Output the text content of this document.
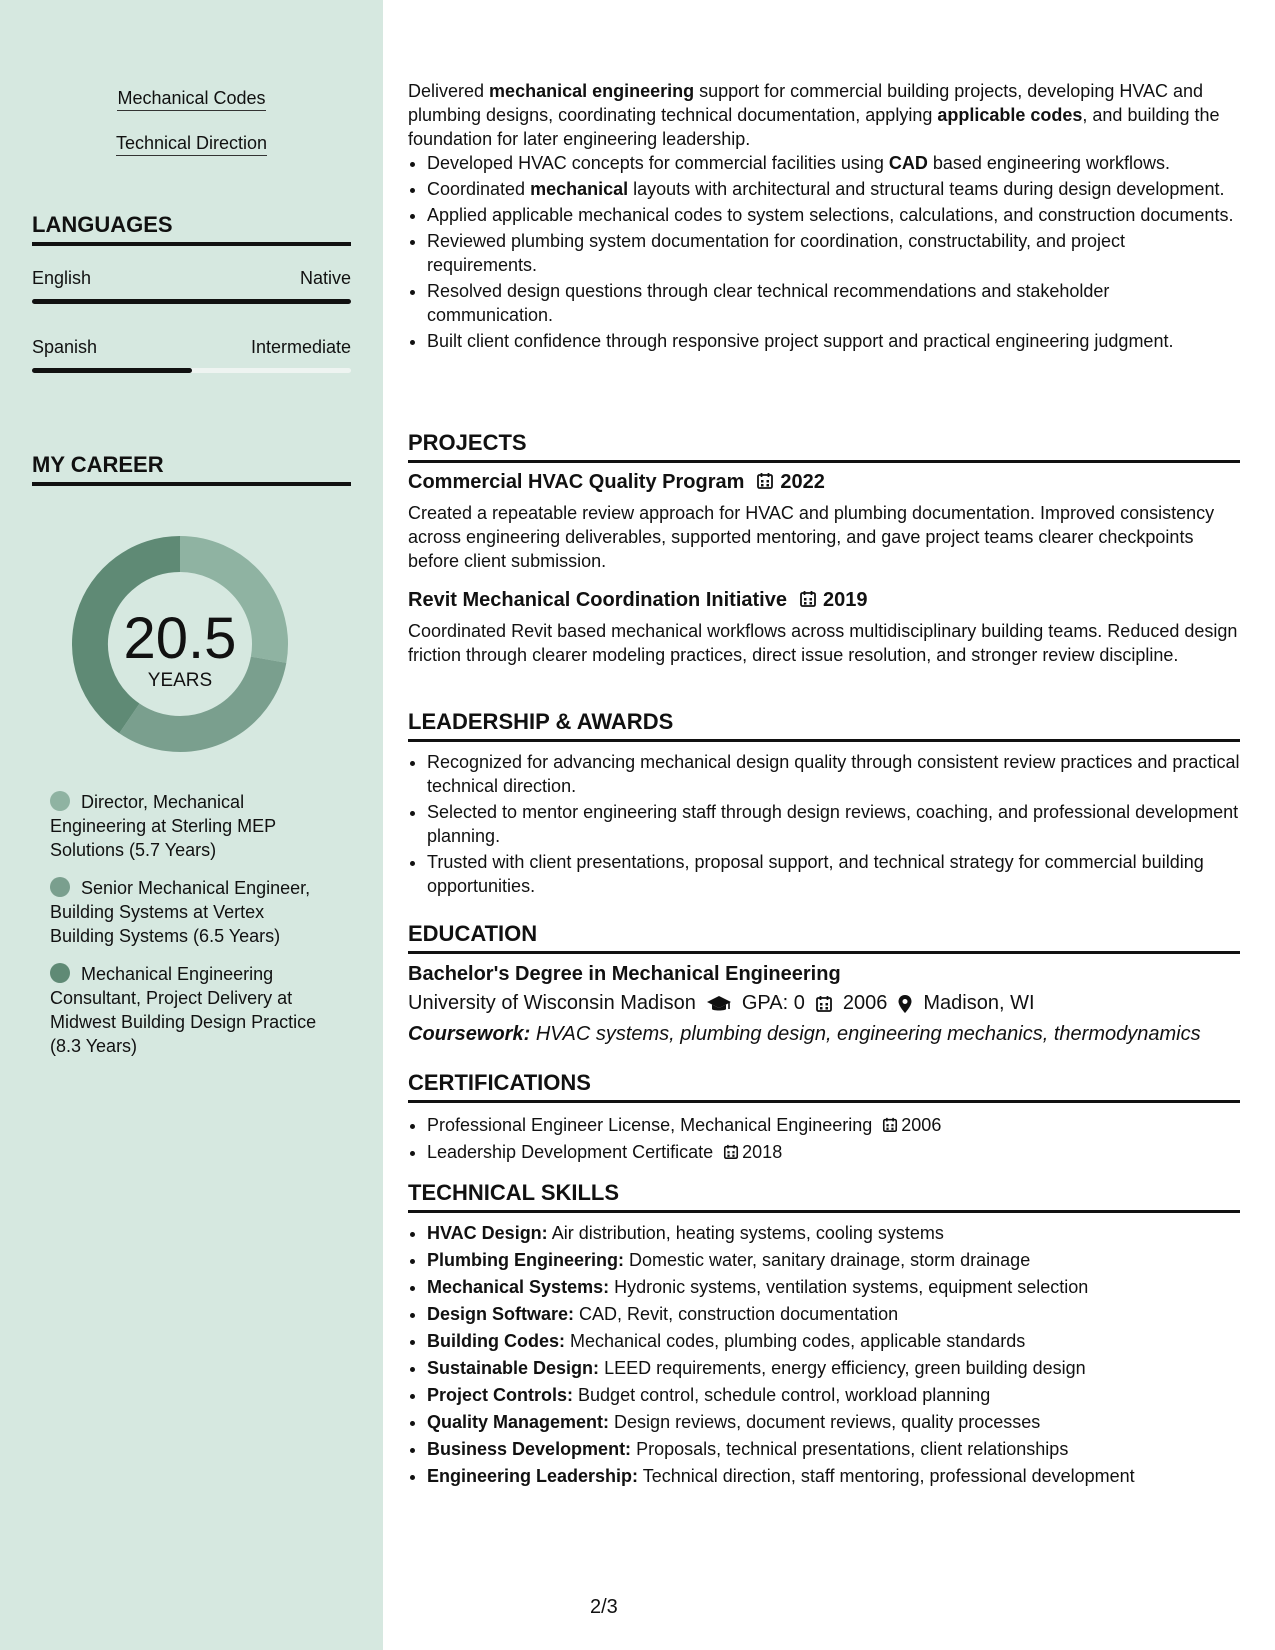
Mechanical Codes
Technical Direction
LANGUAGES
English	Native
Spanish	Intermediate
MY CAREER
20.5
YEARS
Director, Mechanical Engineering at Sterling MEP Solutions (5.7 Years)
Senior Mechanical Engineer, Building Systems at Vertex Building Systems (6.5 Years)
Mechanical Engineering Consultant, Project Delivery at Midwest Building Design Practice (8.3 Years)
Delivered mechanical engineering support for commercial building projects, developing HVAC and plumbing designs, coordinating technical documentation, applying applicable codes, and building the foundation for later engineering leadership.
• Developed HVAC concepts for commercial facilities using CAD based engineering workflows.
• Coordinated mechanical layouts with architectural and structural teams during design development.
• Applied applicable mechanical codes to system selections, calculations, and construction documents.
• Reviewed plumbing system documentation for coordination, constructability, and project requirements.
• Resolved design questions through clear technical recommendations and stakeholder communication.
• Built client confidence through responsive project support and practical engineering judgment.
PROJECTS
Commercial HVAC Quality Program 2022
Created a repeatable review approach for HVAC and plumbing documentation. Improved consistency across engineering deliverables, supported mentoring, and gave project teams clearer checkpoints before client submission.
Revit Mechanical Coordination Initiative 2019
Coordinated Revit based mechanical workflows across multidisciplinary building teams. Reduced design friction through clearer modeling practices, direct issue resolution, and stronger review discipline.
LEADERSHIP & AWARDS
• Recognized for advancing mechanical design quality through consistent review practices and practical technical direction.
• Selected to mentor engineering staff through design reviews, coaching, and professional development planning.
• Trusted with client presentations, proposal support, and technical strategy for commercial building opportunities.
EDUCATION
Bachelor's Degree in Mechanical Engineering
University of Wisconsin Madison GPA: 0 2006 Madison, WI
Coursework: HVAC systems, plumbing design, engineering mechanics, thermodynamics
CERTIFICATIONS
• Professional Engineer License, Mechanical Engineering 2006
• Leadership Development Certificate 2018
TECHNICAL SKILLS
• HVAC Design: Air distribution, heating systems, cooling systems
• Plumbing Engineering: Domestic water, sanitary drainage, storm drainage
• Mechanical Systems: Hydronic systems, ventilation systems, equipment selection
• Design Software: CAD, Revit, construction documentation
• Building Codes: Mechanical codes, plumbing codes, applicable standards
• Sustainable Design: LEED requirements, energy efficiency, green building design
• Project Controls: Budget control, schedule control, workload planning
• Quality Management: Design reviews, document reviews, quality processes
• Business Development: Proposals, technical presentations, client relationships
• Engineering Leadership: Technical direction, staff mentoring, professional development
2/3
